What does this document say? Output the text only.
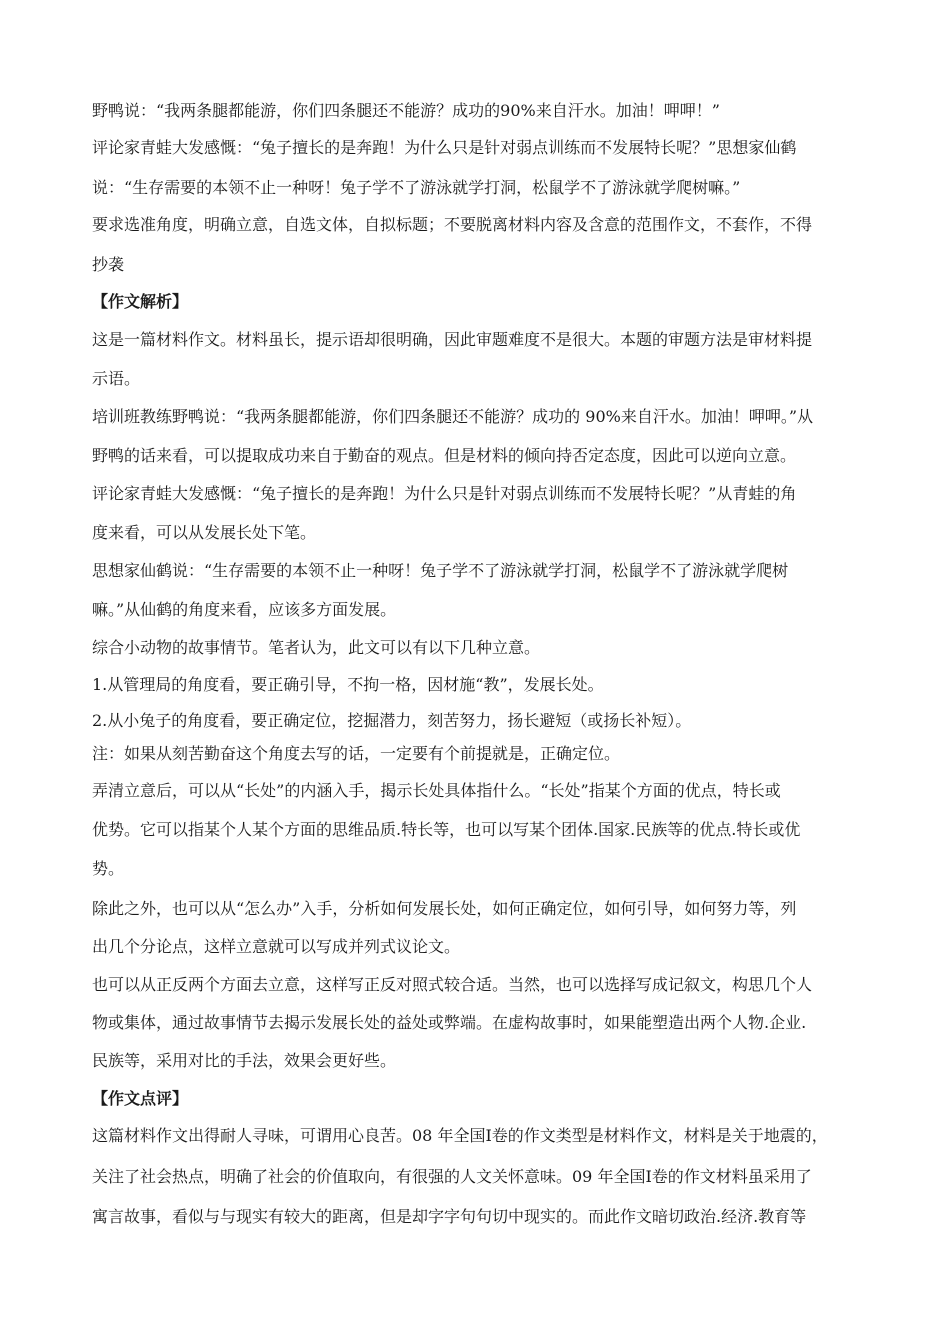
野鸭说：“我两条腿都能游，你们四条腿还不能游？成功的90%来自汗水。加油！呷呷！”
评论家青蛙大发感慨：“兔子擅长的是奔跑！为什么只是针对弱点训练而不发展特长呢？”思想家仙鹤
说：“生存需要的本领不止一种呀！兔子学不了游泳就学打洞，松鼠学不了游泳就学爬树嘛。”
要求选准角度，明确立意，自选文体，自拟标题；不要脱离材料内容及含意的范围作文，不套作，不得
抄袭
【作文解析】
这是一篇材料作文。材料虽长，提示语却很明确，因此审题难度不是很大。本题的审题方法是审材料提
示语。
培训班教练野鸭说：“我两条腿都能游，你们四条腿还不能游？成功的 90%来自汗水。加油！呷呷。”从
野鸭的话来看，可以提取成功来自于勤奋的观点。但是材料的倾向持否定态度，因此可以逆向立意。
评论家青蛙大发感慨：“兔子擅长的是奔跑！为什么只是针对弱点训练而不发展特长呢？”从青蛙的角
度来看，可以从发展长处下笔。
思想家仙鹤说：“生存需要的本领不止一种呀！兔子学不了游泳就学打洞，松鼠学不了游泳就学爬树
嘛。”从仙鹤的角度来看，应该多方面发展。
综合小动物的故事情节。笔者认为，此文可以有以下几种立意。
1.从管理局的角度看，要正确引导，不拘一格，因材施“教”，发展长处。
2.从小兔子的角度看，要正确定位，挖掘潜力，刻苦努力，扬长避短（或扬长补短）。
注：如果从刻苦勤奋这个角度去写的话，一定要有个前提就是，正确定位。
弄清立意后，可以从“长处”的内涵入手，揭示长处具体指什么。“长处”指某个方面的优点，特长或
优势。它可以指某个人某个方面的思维品质.特长等，也可以写某个团体.国家.民族等的优点.特长或优
势。
除此之外，也可以从“怎么办”入手，分析如何发展长处，如何正确定位，如何引导，如何努力等，列
出几个分论点，这样立意就可以写成并列式议论文。
也可以从正反两个方面去立意，这样写正反对照式较合适。当然，也可以选择写成记叙文，构思几个人
物或集体，通过故事情节去揭示发展长处的益处或弊端。在虚构故事时，如果能塑造出两个人物.企业.
民族等，采用对比的手法，效果会更好些。
【作文点评】
这篇材料作文出得耐人寻味，可谓用心良苦。08 年全国Ⅰ卷的作文类型是材料作文，材料是关于地震的，
关注了社会热点，明确了社会的价值取向，有很强的人文关怀意味。09 年全国Ⅰ卷的作文材料虽采用了
寓言故事，看似与与现实有较大的距离，但是却字字句句切中现实的。而此作文暗切政治.经济.教育等
